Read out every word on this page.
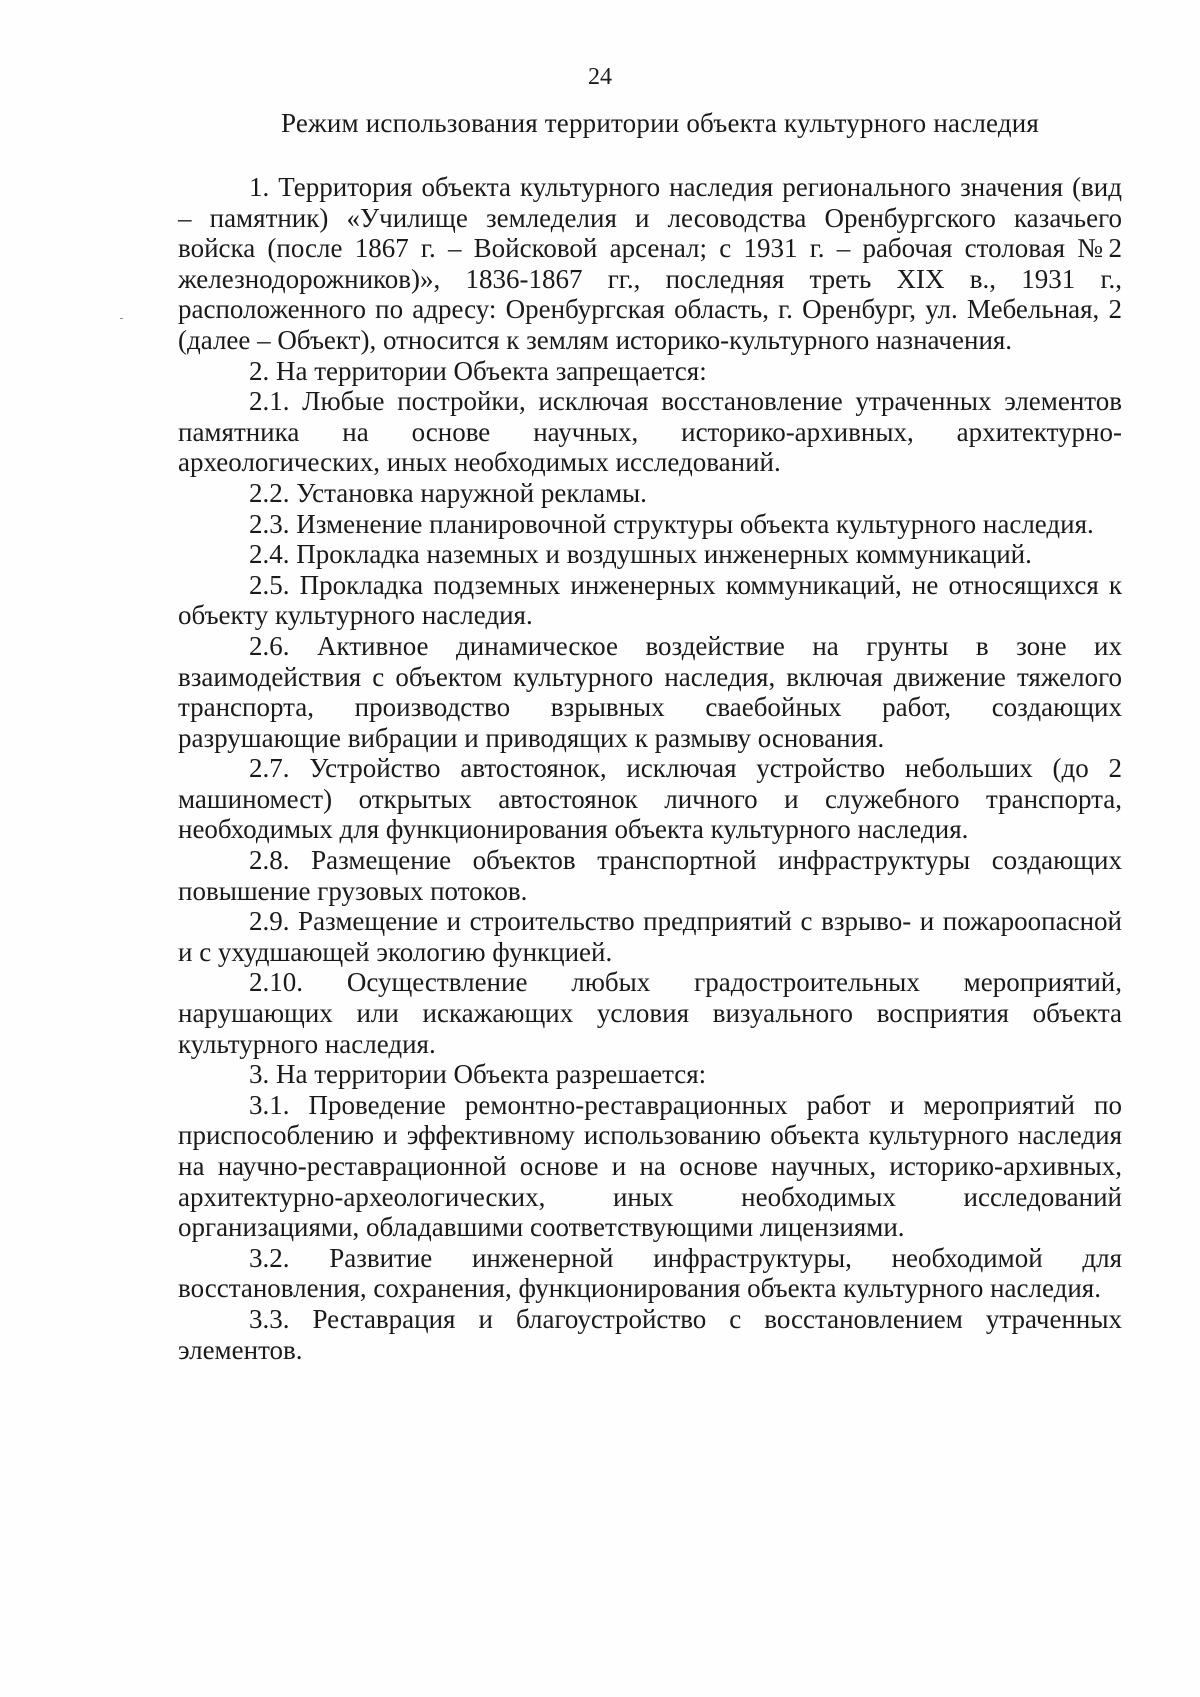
24
Режим использования территории объекта культурного наследия

1. Территория объекта культурного наследия регионального значения (вид – памятник) «Училище земледелия и лесоводства Оренбургского казачьего войска (после 1867 г. – Войсковой арсенал; с 1931 г. – рабочая столовая №2 железнодорожников)», 1836-1867 гг., последняя треть XIX в., 1931 г., расположенного по адресу: Оренбургская область, г. Оренбург, ул. Мебельная, 2 (далее – Объект), относится к землям историко-культурного назначения.

2. На территории Объекта запрещается:

2.1. Любые постройки, исключая восстановление утраченных элементов памятника на основе научных, историко-архивных, архитектурно-археологических, иных необходимых исследований.

2.2. Установка наружной рекламы.

2.3. Изменение планировочной структуры объекта культурного наследия.

2.4. Прокладка наземных и воздушных инженерных коммуникаций.

2.5. Прокладка подземных инженерных коммуникаций, не относящихся к объекту культурного наследия.

2.6. Активное динамическое воздействие на грунты в зоне их взаимодействия с объектом культурного наследия, включая движение тяжелого транспорта, производство взрывных сваебойных работ, создающих разрушающие вибрации и приводящих к размыву основания.

2.7. Устройство автостоянок, исключая устройство небольших (до 2 машиномест) открытых автостоянок личного и служебного транспорта, необходимых для функционирования объекта культурного наследия.

2.8. Размещение объектов транспортной инфраструктуры создающих повышение грузовых потоков.

2.9. Размещение и строительство предприятий с взрыво- и пожароопасной и с ухудшающей экологию функцией.

2.10. Осуществление любых градостроительных мероприятий, нарушающих или искажающих условия визуального восприятия объекта культурного наследия.

3. На территории Объекта разрешается:

3.1. Проведение ремонтно-реставрационных работ и мероприятий по приспособлению и эффективному использованию объекта культурного наследия на научно-реставрационной основе и на основе научных, историко-архивных, архитектурно-археологических, иных необходимых исследований организациями, обладавшими соответствующими лицензиями.

3.2. Развитие инженерной инфраструктуры, необходимой для восстановления, сохранения, функционирования объекта культурного наследия.

3.3. Реставрация и благоустройство с восстановлением утраченных элементов.
